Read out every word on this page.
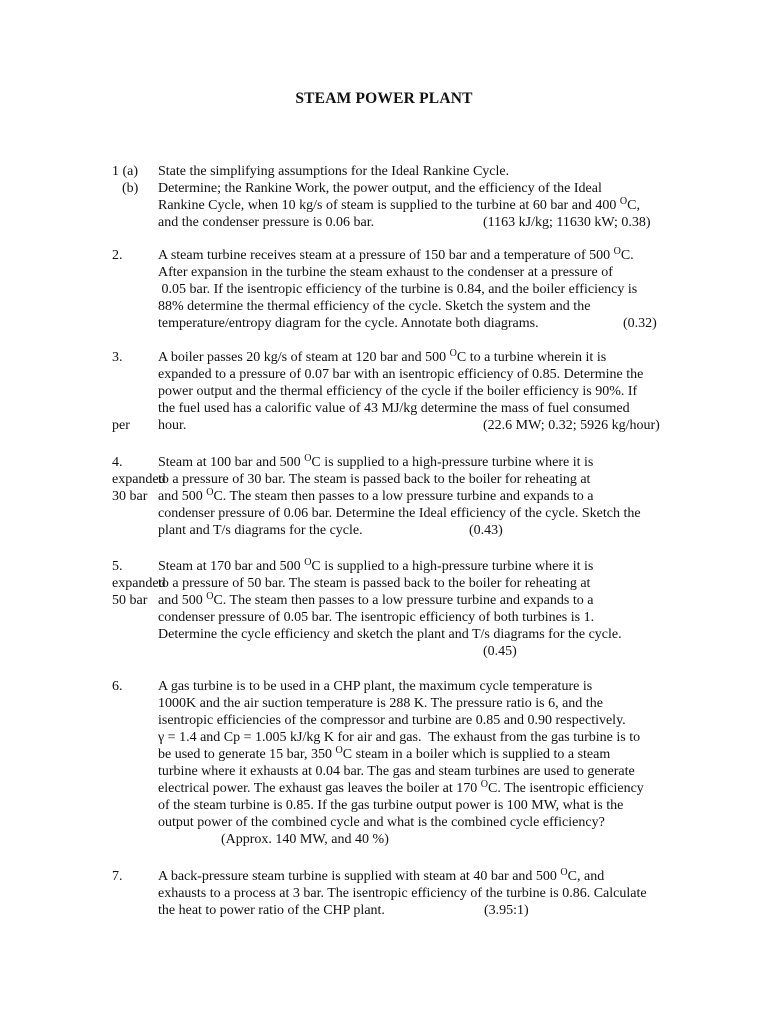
STEAM POWER PLANT
1 (a) State the simplifying assumptions for the Ideal Rankine Cycle.
(b) Determine; the Rankine Work, the power output, and the efficiency of the Ideal
Rankine Cycle, when 10 kg/s of steam is supplied to the turbine at 60 bar and 400 $^O$C,
and the condenser pressure is 0.06 bar.	(1163 kJ/kg; 11630 kW; 0.38)
2.	A steam turbine receives steam at a pressure of 150 bar and a temperature of 500 $^O$C.
After expansion in the turbine the steam exhaust to the condenser at a pressure of
0.05 bar. If the isentropic efficiency of the turbine is 0.84, and the boiler efficiency is
88% determine the thermal efficiency of the cycle. Sketch the system and the
temperature/entropy diagram for the cycle. Annotate both diagrams.	(0.32)
3.	A boiler passes 20 kg/s of steam at 120 bar and 500 $^O$C to a turbine wherein it is
expanded to a pressure of 0.07 bar with an isentropic efficiency of 0.85. Determine the
power output and the thermal efficiency of the cycle if the boiler efficiency is 90%. If
the fuel used has a calorific value of 43 MJ/kg determine the mass of fuel consumed
per hour.	(22.6 MW; 0.32; 5926 kg/hour)
4.	Steam at 100 bar and 500 $^O$C is supplied to a high-pressure turbine where it is
expanded
to a pressure of 30 bar. The steam is passed back to the boiler for reheating at
30 bar and 500 $^O$C. The steam then passes to a low pressure turbine and expands to a
condenser pressure of 0.06 bar. Determine the Ideal efficiency of the cycle. Sketch the
plant and T/s diagrams for the cycle.	(0.43)
5.	Steam at 170 bar and 500 $^O$C is supplied to a high-pressure turbine where it is
expanded
to a pressure of 50 bar. The steam is passed back to the boiler for reheating at
50 bar and 500 $^O$C. The steam then passes to a low pressure turbine and expands to a
condenser pressure of 0.05 bar. The isentropic efficiency of both turbines is 1.
Determine the cycle efficiency and sketch the plant and T/s diagrams for the cycle.
(0.45)
6.	A gas turbine is to be used in a CHP plant, the maximum cycle temperature is
1000K and the air suction temperature is 288 K. The pressure ratio is 6, and the
isentropic efficiencies of the compressor and turbine are 0.85 and 0.90 respectively.
γ = 1.4 and Cp = 1.005 kJ/kg K for air and gas.  The exhaust from the gas turbine is to
be used to generate 15 bar, 350 $^O$C steam in a boiler which is supplied to a steam
turbine where it exhausts at 0.04 bar. The gas and steam turbines are used to generate
electrical power. The exhaust gas leaves the boiler at 170 $^O$C. The isentropic efficiency
of the steam turbine is 0.85. If the gas turbine output power is 100 MW, what is the
output power of the combined cycle and what is the combined cycle efficiency?
(Approx. 140 MW, and 40 %)
7.	A back-pressure steam turbine is supplied with steam at 40 bar and 500 $^O$C, and
exhausts to a process at 3 bar. The isentropic efficiency of the turbine is 0.86. Calculate
the heat to power ratio of the CHP plant.	(3.95:1)
